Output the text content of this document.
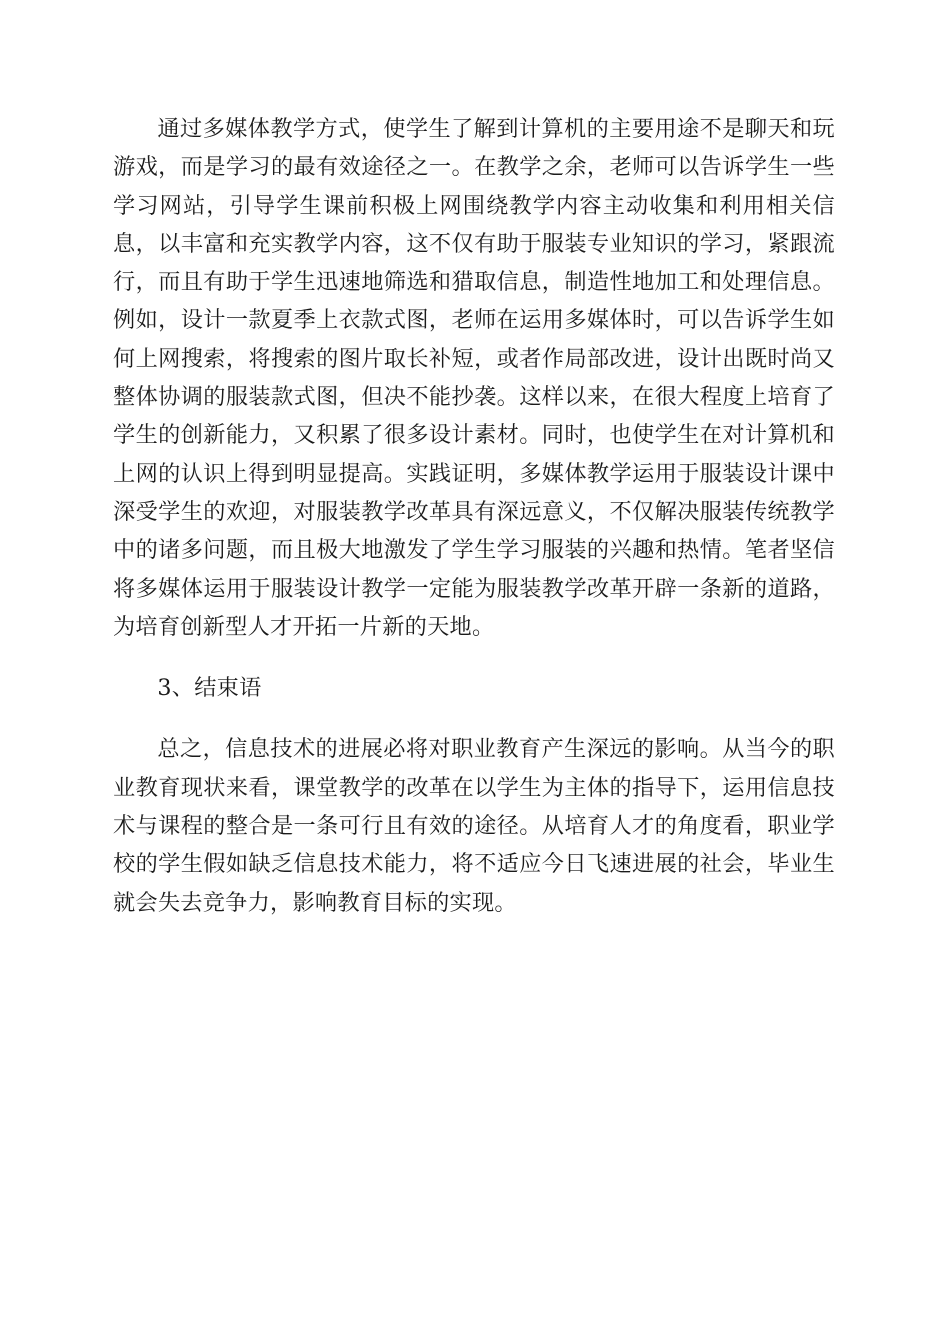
通过多媒体教学方式，使学生了解到计算机的主要用途不是聊天和玩游戏，而是学习的最有效途径之一。在教学之余，老师可以告诉学生一些学习网站，引导学生课前积极上网围绕教学内容主动收集和利用相关信息，以丰富和充实教学内容，这不仅有助于服装专业知识的学习，紧跟流行，而且有助于学生迅速地筛选和猎取信息，制造性地加工和处理信息。例如，设计一款夏季上衣款式图，老师在运用多媒体时，可以告诉学生如何上网搜索，将搜索的图片取长补短，或者作局部改进，设计出既时尚又整体协调的服装款式图，但决不能抄袭。这样以来，在很大程度上培育了学生的创新能力，又积累了很多设计素材。同时，也使学生在对计算机和上网的认识上得到明显提高。实践证明，多媒体教学运用于服装设计课中深受学生的欢迎，对服装教学改革具有深远意义，不仅解决服装传统教学中的诸多问题，而且极大地激发了学生学习服装的兴趣和热情。笔者坚信将多媒体运用于服装设计教学一定能为服装教学改革开辟一条新的道路，为培育创新型人才开拓一片新的天地。

3、结束语

总之，信息技术的进展必将对职业教育产生深远的影响。从当今的职业教育现状来看，课堂教学的改革在以学生为主体的指导下，运用信息技术与课程的整合是一条可行且有效的途径。从培育人才的角度看，职业学校的学生假如缺乏信息技术能力，将不适应今日飞速进展的社会，毕业生就会失去竞争力，影响教育目标的实现。
